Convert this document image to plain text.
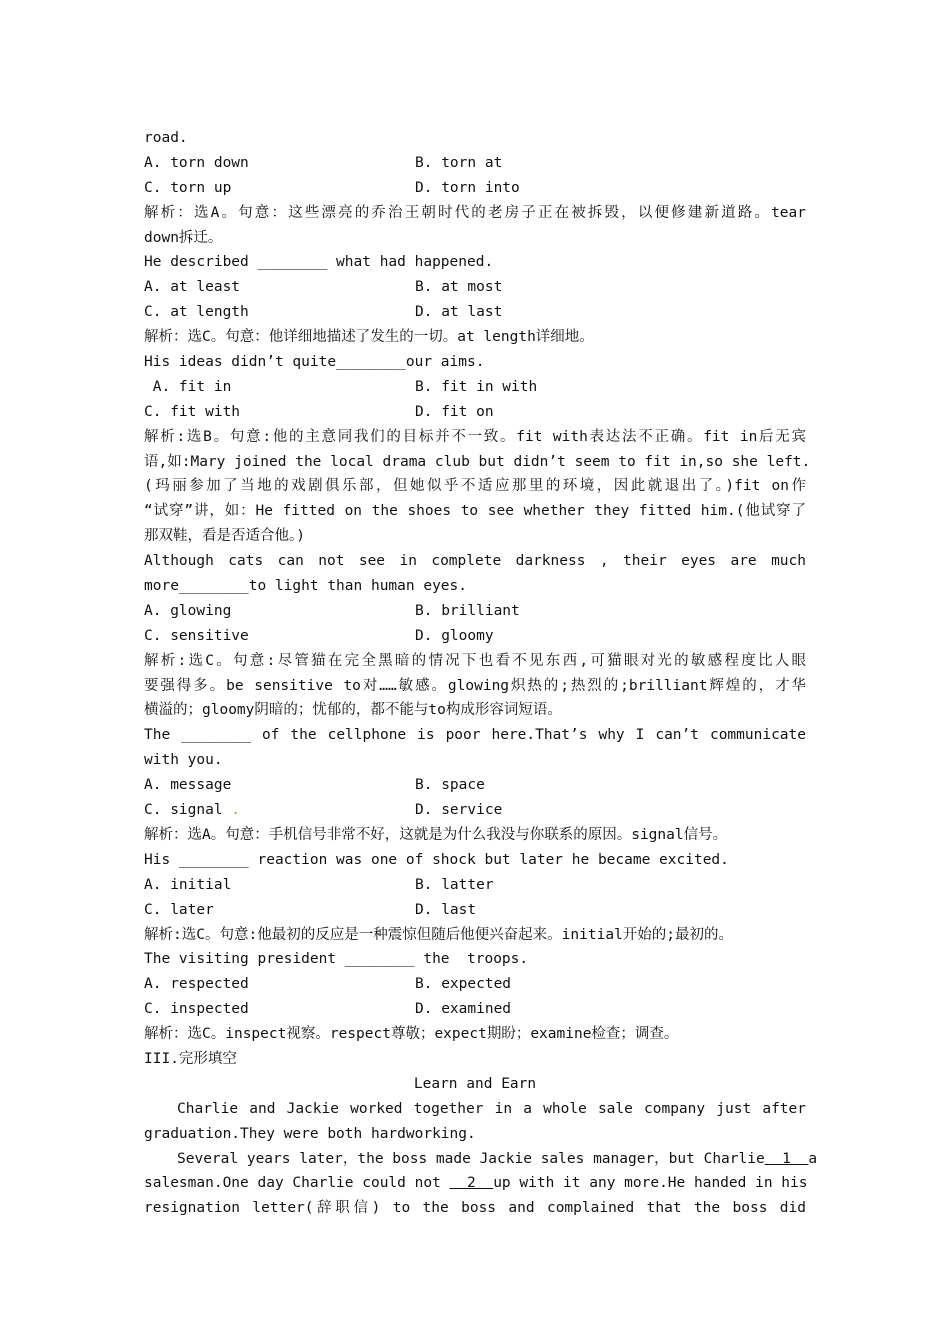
road.
A. torn down	B. torn at
C. torn up	D. torn into
解析：选A。句意：这些漂亮的乔治王朝时代的老房子正在被拆毁，以便修建新道路。tear
down拆迁。
He described ________ what had happened.
A. at least	B. at most
C. at length	D. at last
解析：选C。句意：他详细地描述了发生的一切。at length详细地。
His ideas didn’t quite________our aims.
A. fit in	B. fit in with
C. fit with	D. fit on
解析:选B。句意:他的主意同我们的目标并不一致。fit with表达法不正确。fit in后无宾
语,如:Mary joined the local drama club but didn’t seem to fit in,so she left.
(玛丽参加了当地的戏剧俱乐部，但她似乎不适应那里的环境，因此就退出了。)fit on作
“试穿”讲，如：He fitted on the shoes to see whether they fitted him.(他试穿了
那双鞋，看是否适合他。)
Although cats can not see in complete darkness , their eyes are much
more________to light than human eyes.
A. glowing	B. brilliant
C. sensitive	D. gloomy
解析:选C。句意:尽管猫在完全黑暗的情况下也看不见东西,可猫眼对光的敏感程度比人眼
要强得多。be sensitive to对……敏感。glowing炽热的;热烈的;brilliant辉煌的，才华
横溢的；gloomy阴暗的；忧郁的，都不能与to构成形容词短语。
The ________ of the cellphone is poor here.That’s why I can’t communicate
with you.
A. message	B. space
C. signal .	D. service
解析：选A。句意：手机信号非常不好，这就是为什么我没与你联系的原因。signal信号。
His ________ reaction was one of shock but later he became excited.
A. initial	B. latter
C. later	D. last
解析:选C。句意:他最初的反应是一种震惊但随后他便兴奋起来。initial开始的;最初的。
The visiting president ________ the  troops.
A. respected	B. expected
C. inspected	D. examined
解析：选C。inspect视察。respect尊敬；expect期盼；examine检查；调查。
III.完形填空
Learn and Earn
Charlie and Jackie worked together in a whole sale company just after
graduation.They were both hardworking.
Several years later，the boss made Jackie sales manager，but Charlie  1  a
salesman.One day Charlie could not   2  up with it any more.He handed in his
resignation letter(辞职信) to the boss and complained that the boss did
